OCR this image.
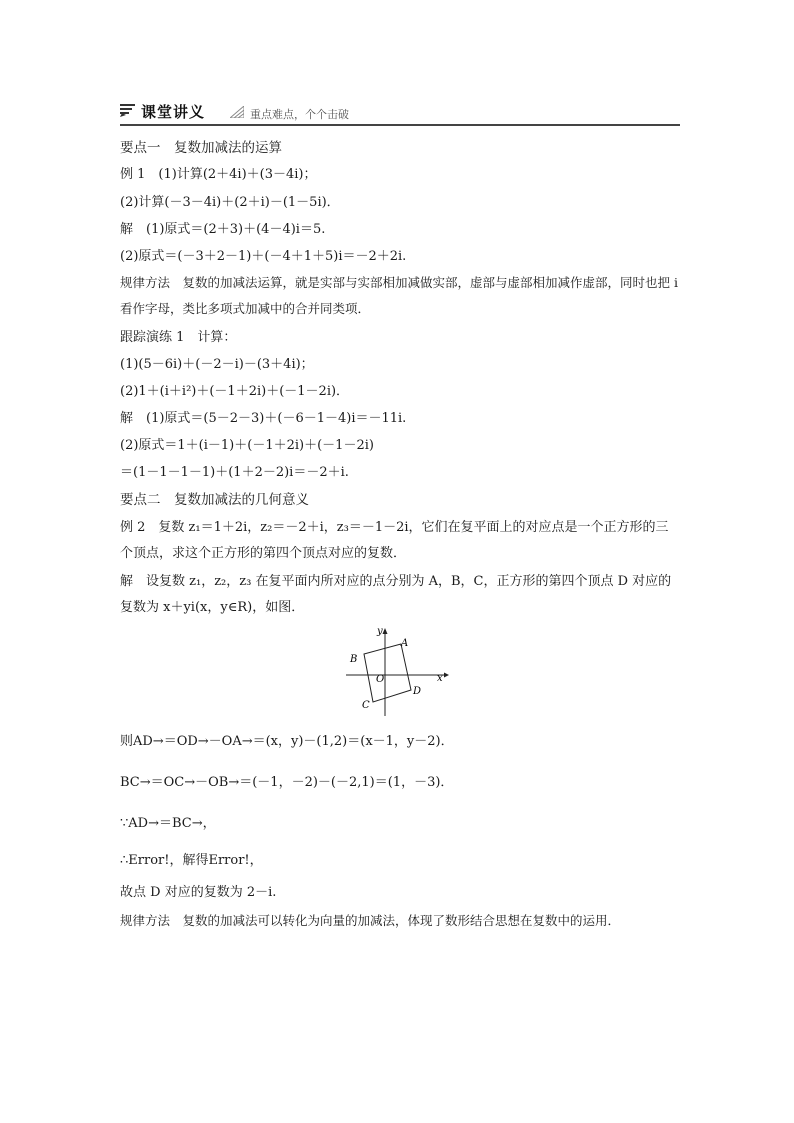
课堂讲义	重点难点，个个击破
要点一　复数加减法的运算
例 1　(1)计算(2＋4i)＋(3－4i)；
(2)计算(－3－4i)＋(2＋i)－(1－5i)．
解　(1)原式＝(2＋3)＋(4－4)i＝5.
(2)原式＝(－3＋2－1)＋(－4＋1＋5)i＝－2＋2i.
规律方法　复数的加减法运算，就是实部与实部相加减做实部，虚部与虚部相加减作虚部，同时也把 i 看作字母，类比多项式加减中的合并同类项．
跟踪演练 1　计算：
(1)(5－6i)＋(－2－i)－(3＋4i)；
(2)1＋(i＋i²)＋(－1＋2i)＋(－1－2i)．
解　(1)原式＝(5－2－3)＋(－6－1－4)i＝－11i.
(2)原式＝1＋(i－1)＋(－1＋2i)＋(－1－2i)
＝(1－1－1－1)＋(1＋2－2)i＝－2＋i.
要点二　复数加减法的几何意义
例 2　复数 z₁＝1＋2i，z₂＝－2＋i，z₃＝－1－2i，它们在复平面上的对应点是一个正方形的三个顶点，求这个正方形的第四个顶点对应的复数．
解　设复数 z₁，z₂，z₃ 在复平面内所对应的点分别为 A，B，C，正方形的第四个顶点 D 对应的复数为 x＋yi(x，y∈R)，如图．
y
x
O
A
B
C
D
则AD→＝OD→－OA→＝(x，y)－(1,2)＝(x－1，y－2)．
BC→＝OC→－OB→＝(－1，－2)－(－2,1)＝(1，－3)．
∵AD→＝BC→，
∴Error!，解得Error!，
故点 D 对应的复数为 2－i.
规律方法　复数的加减法可以转化为向量的加减法，体现了数形结合思想在复数中的运用．
